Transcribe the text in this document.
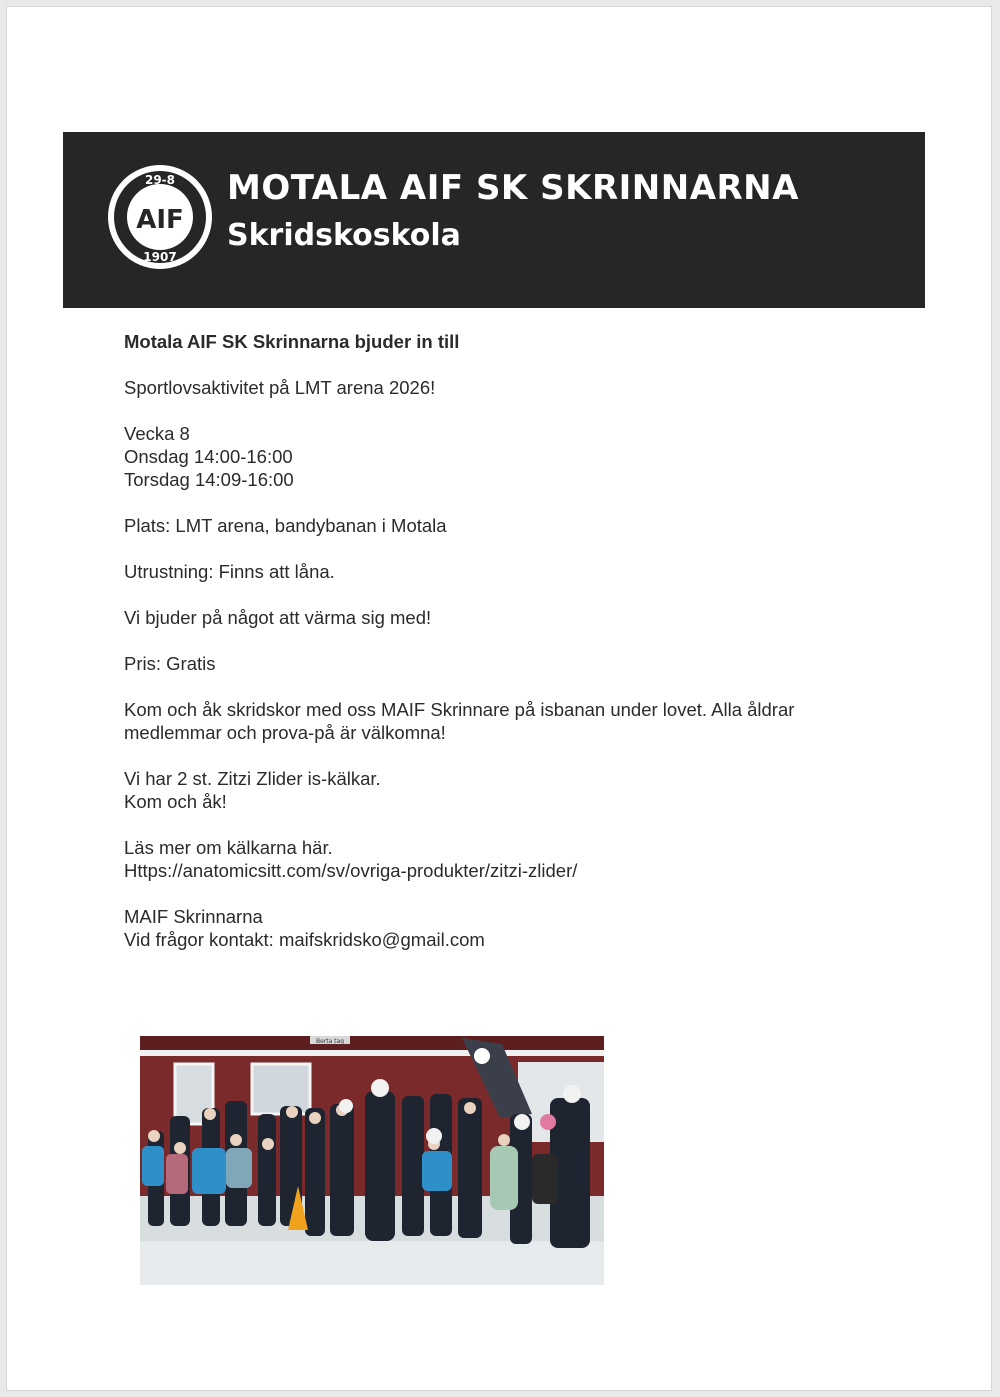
29-8
AIF
1907
MOTALA AIF SK SKRINNARNA
Skridskoskola

Motala AIF SK Skrinnarna bjuder in till

Sportlovsaktivitet på LMT arena 2026!

Vecka 8
Onsdag 14:00-16:00
Torsdag 14:09-16:00

Plats: LMT arena, bandybanan i Motala

Utrustning: Finns att låna.

Vi bjuder på något att värma sig med!

Pris: Gratis

Kom och åk skridskor med oss MAIF Skrinnare på isbanan under lovet. Alla åldrar
medlemmar och prova-på är välkomna!

Vi har 2 st. Zitzi Zlider is-kälkar.
Kom och åk!

Läs mer om kälkarna här.
Https://anatomicsitt.com/sv/ovriga-produkter/zitzi-zlider/

MAIF Skrinnarna
Vid frågor kontakt: maifskridsko@gmail.com

Berta tag
